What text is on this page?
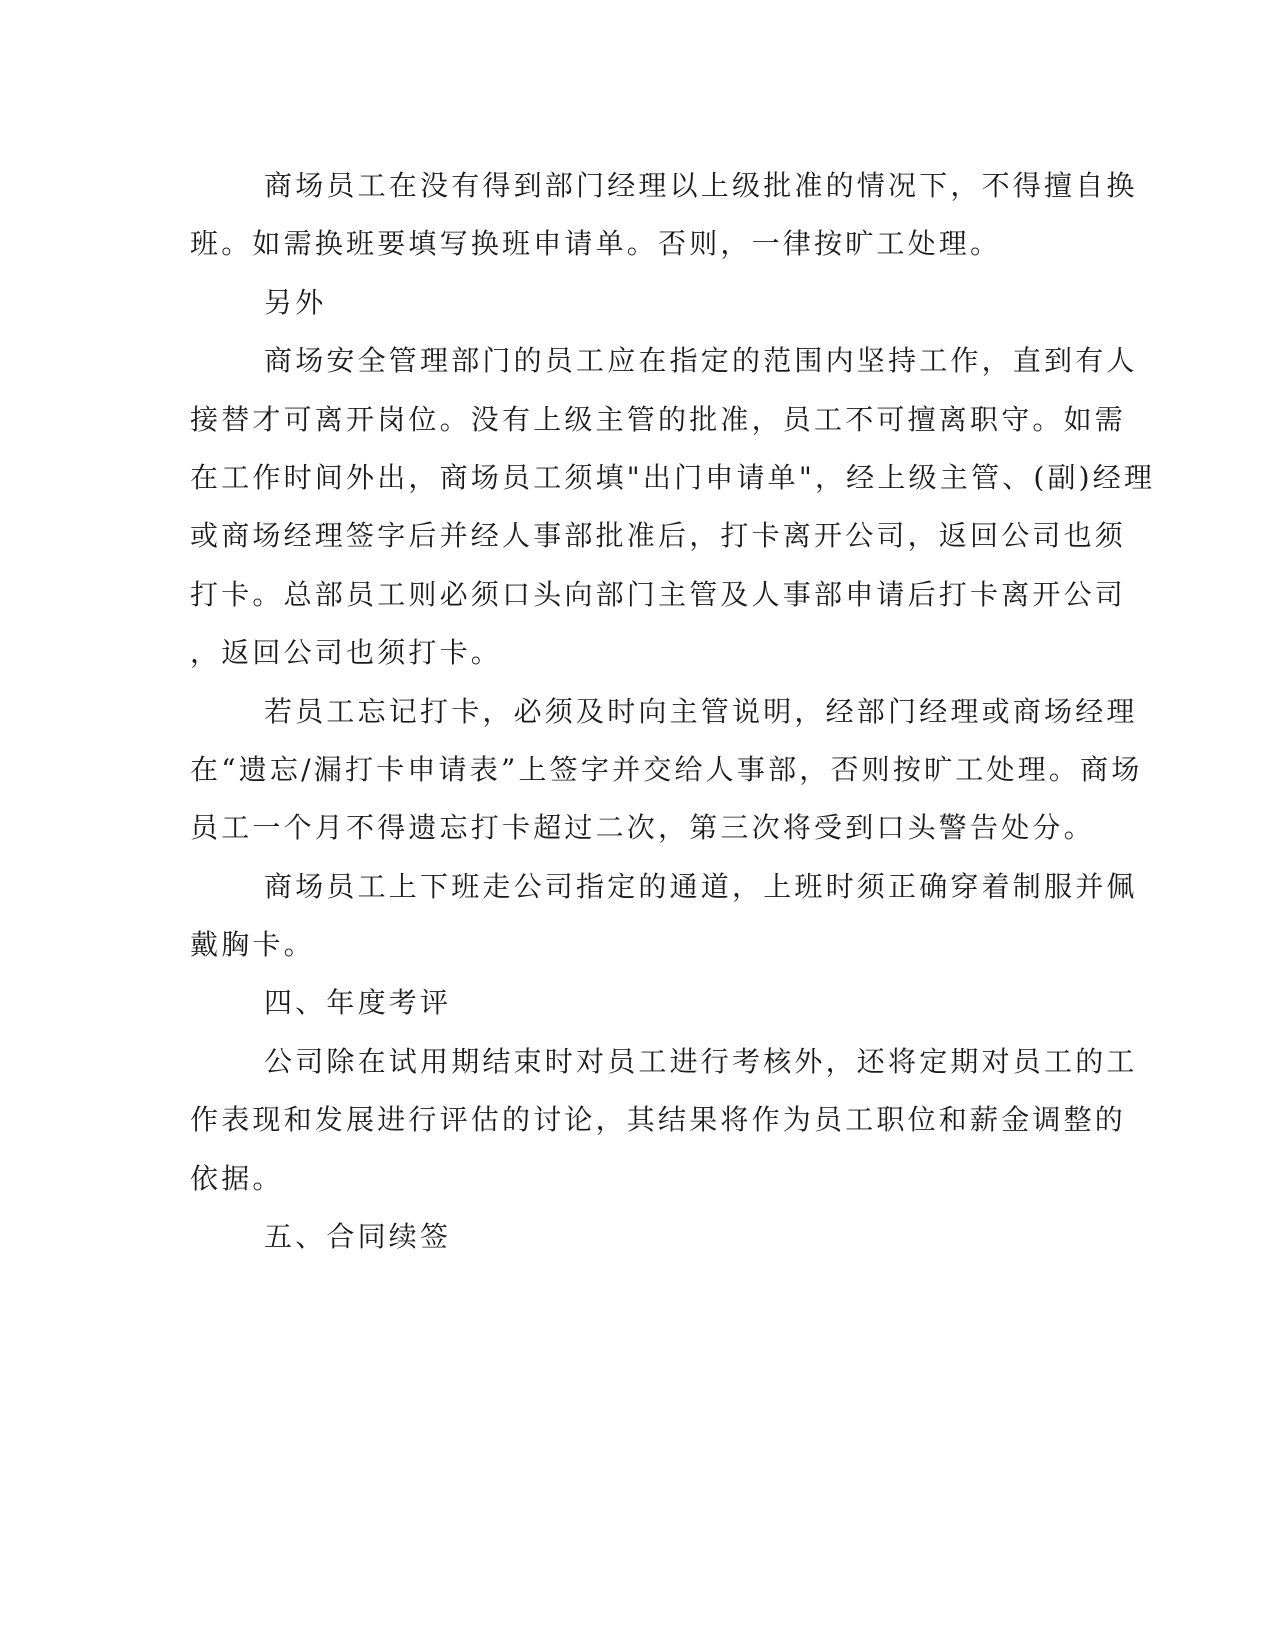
商场员工在没有得到部门经理以上级批准的情况下，不得擅自换
班。如需换班要填写换班申请单。否则，一律按旷工处理。
另外
商场安全管理部门的员工应在指定的范围内坚持工作，直到有人
接替才可离开岗位。没有上级主管的批准，员工不可擅离职守。如需
在工作时间外出，商场员工须填"出门申请单"，经上级主管、(副)经理
或商场经理签字后并经人事部批准后，打卡离开公司，返回公司也须
打卡。总部员工则必须口头向部门主管及人事部申请后打卡离开公司
，返回公司也须打卡。
若员工忘记打卡，必须及时向主管说明，经部门经理或商场经理
在“遗忘/漏打卡申请表”上签字并交给人事部，否则按旷工处理。商场
员工一个月不得遗忘打卡超过二次，第三次将受到口头警告处分。
商场员工上下班走公司指定的通道，上班时须正确穿着制服并佩
戴胸卡。
四、年度考评
公司除在试用期结束时对员工进行考核外，还将定期对员工的工
作表现和发展进行评估的讨论，其结果将作为员工职位和薪金调整的
依据。
五、合同续签
